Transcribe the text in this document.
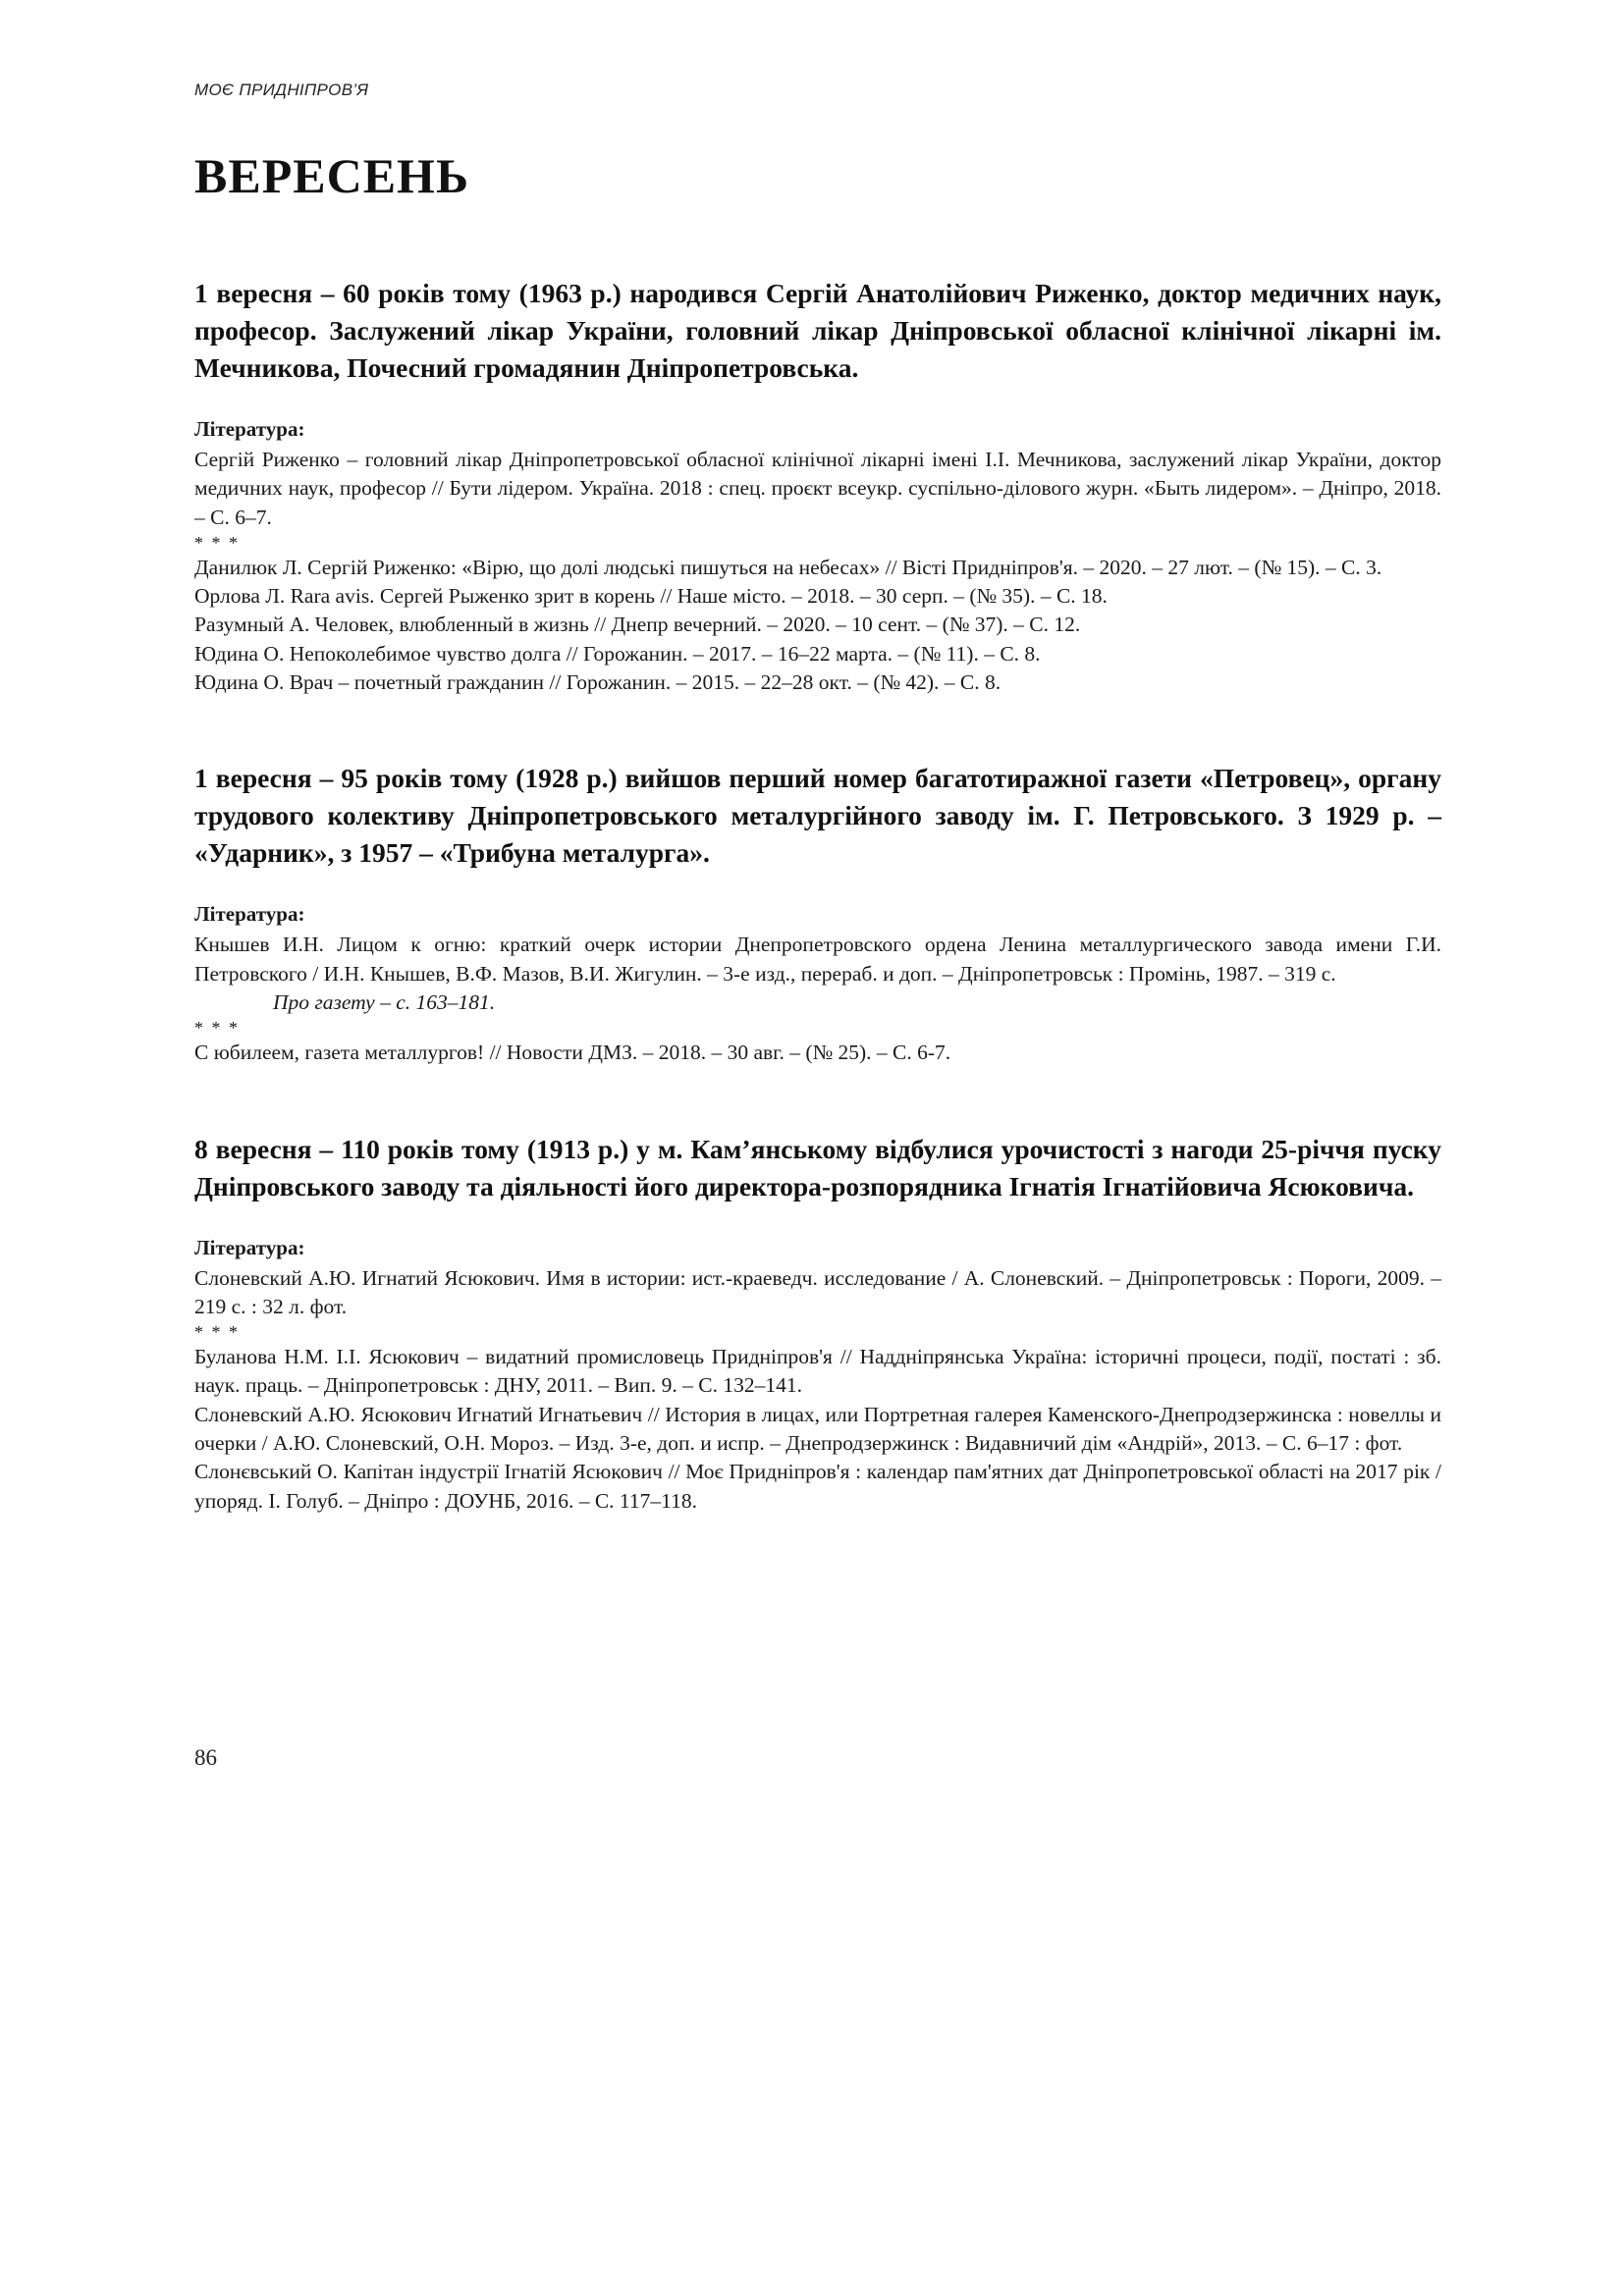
МОЄ ПРИДНІПРОВ’Я
ВЕРЕСЕНЬ

1 вересня – 60 років тому (1963 р.) народився Сергій Анатолійович Риженко, доктор медичних наук, професор. Заслужений лікар України, головний лікар Дніпровської обласної клінічної лікарні ім. Мечникова, Почесний громадянин Дніпропетровська.

Література:

Сергій Риженко – головний лікар Дніпропетровської обласної клінічної лікарні імені І.І. Мечникова, заслужений лікар України, доктор медичних наук, професор // Бути лідером. Україна. 2018 : спец. проєкт всеукр. суспільно-ділового журн. «Быть лидером». – Дніпро, 2018. – С. 6–7.

* * *

Данилюк Л. Сергій Риженко: «Вірю, що долі людські пишуться на небесах» // Вісті Придніпров'я. – 2020. – 27 лют. – (№ 15). – С. 3.

Орлова Л. Rara avis. Сергей Рыженко зрит в корень // Наше місто. – 2018. – 30 серп. – (№ 35). – С. 18.

Разумный А. Человек, влюбленный в жизнь // Днепр вечерний. – 2020. – 10 сент. – (№ 37). – С. 12.

Юдина О. Непоколебимое чувство долга // Горожанин. – 2017. – 16–22 марта. – (№ 11). – С. 8.

Юдина О. Врач – почетный гражданин // Горожанин. – 2015. – 22–28 окт. – (№ 42). – С. 8.

1 вересня – 95 років тому (1928 р.) вийшов перший номер багатотиражної газети «Петровец», органу трудового колективу Дніпропетровського металургійного заводу ім. Г. Петровського. З 1929 р. – «Ударник», з 1957 – «Трибуна металурга».

Література:

Кнышев И.Н. Лицом к огню: краткий очерк истории Днепропетровского ордена Ленина металлургического завода имени Г.И. Петровского / И.Н. Кнышев, В.Ф. Мазов, В.И. Жигулин. – 3-е изд., перераб. и доп. – Дніпропетровськ : Промінь, 1987. – 319 с.

Про газету – с. 163–181.

* * *

С юбилеем, газета металлургов! // Новости ДМЗ. – 2018. – 30 авг. – (№ 25). – С. 6-7.

8 вересня – 110 років тому (1913 р.) у м. Кам’янському відбулися урочистості з нагоди 25-річчя пуску Дніпровського заводу та діяльності його директора-розпорядника Ігнатія Ігнатійовича Ясюковича.

Література:

Слоневский А.Ю. Игнатий Ясюкович. Имя в истории: ист.-краеведч. исследование / А. Слоневский. – Дніпропетровськ : Пороги, 2009. – 219 с. : 32 л. фот.

* * *

Буланова Н.М. І.І. Ясюкович – видатний промисловець Придніпров'я // Наддніпрянська Україна: історичні процеси, події, постаті : зб. наук. праць. – Дніпропетровськ : ДНУ, 2011. – Вип. 9. – С. 132–141.

Слоневский А.Ю. Ясюкович Игнатий Игнатьевич // История в лицах, или Портретная галерея Каменского-Днепродзержинска : новеллы и очерки / А.Ю. Слоневский, О.Н. Мороз. – Изд. 3-е, доп. и испр. – Днепродзержинск : Видавничий дім «Андрій», 2013. – С. 6–17 : фот.

Слонєвський О. Капітан індустрії Ігнатій Ясюкович // Моє Придніпров'я : календар пам'ятних дат Дніпропетровської області на 2017 рік / упоряд. І. Голуб. – Дніпро : ДОУНБ, 2016. – С. 117–118.

86
